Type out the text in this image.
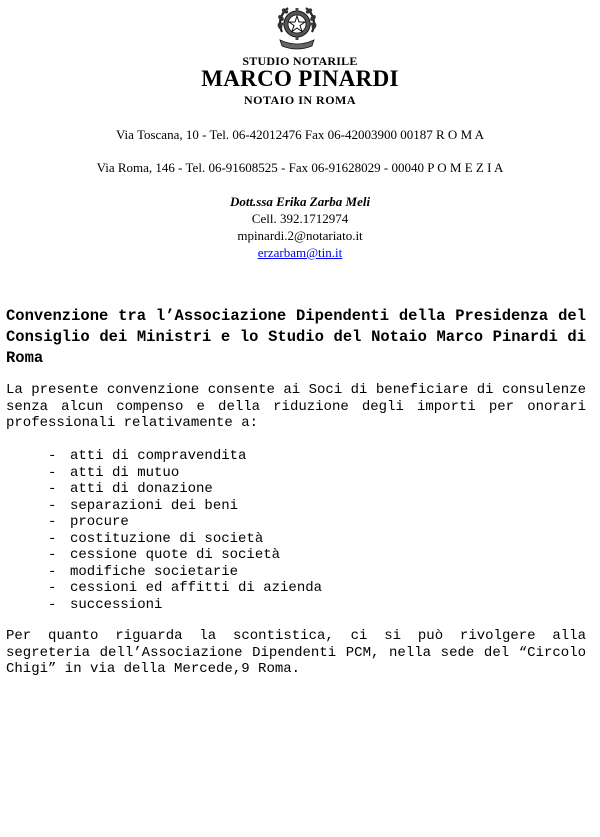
STUDIO NOTARILE
MARCO PINARDI
NOTAIO IN ROMA
Via Toscana, 10 - Tel. 06-42012476 Fax 06-42003900 00187 R O M A
Via Roma, 146 - Tel. 06-91608525 - Fax 06-91628029 - 00040 P O M E Z I A
Dott.ssa Erika Zarba Meli
Cell. 392.1712974
mpinardi.2@notariato.it
erzarbam@tin.it
Convenzione tra l’Associazione Dipendenti della Presidenza del Consiglio dei Ministri e lo Studio del Notaio Marco Pinardi di Roma
La presente convenzione consente ai Soci di beneficiare di consulenze senza alcun compenso e della riduzione degli importi per onorari professionali relativamente a:
- atti di compravendita
- atti di mutuo
- atti di donazione
- separazioni dei beni
- procure
- costituzione di società
- cessione quote di società
- modifiche societarie
- cessioni ed affitti di azienda
- successioni
Per quanto riguarda la scontistica, ci si può rivolgere alla segreteria dell’Associazione Dipendenti PCM, nella sede del “Circolo Chigi” in via della Mercede,9 Roma.
